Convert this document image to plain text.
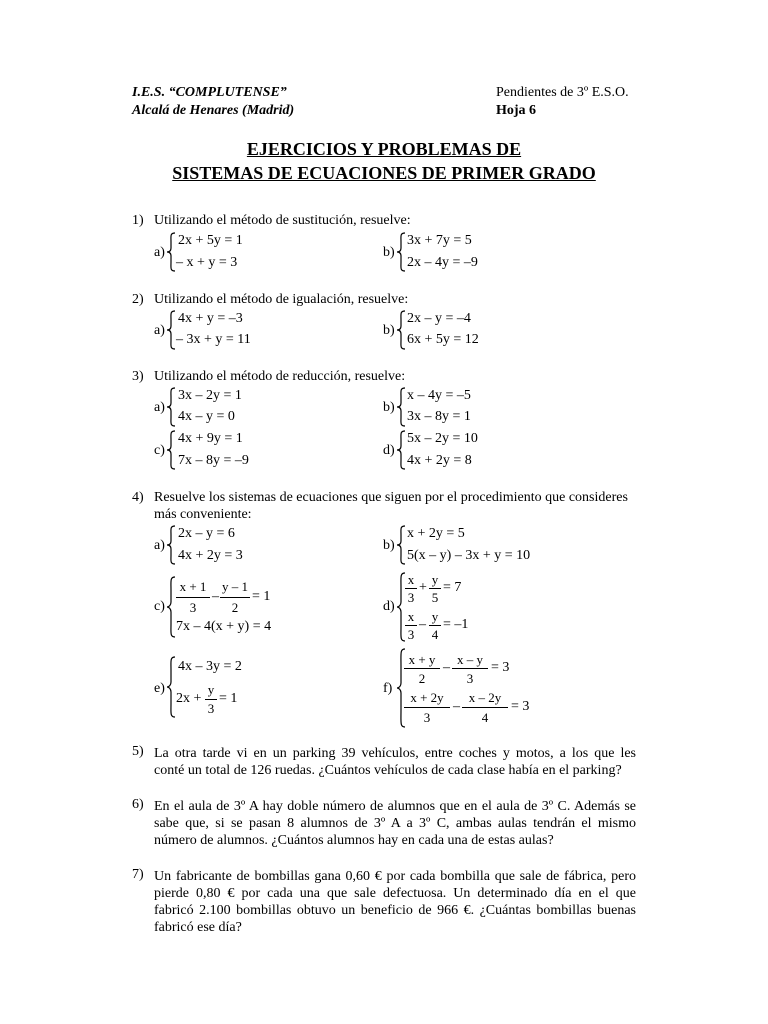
I.E.S. “COMPLUTENSE”
Alcalá de Henares (Madrid)
Pendientes de 3º E.S.O.
Hoja 6
EJERCICIOS Y PROBLEMAS DE
SISTEMAS DE ECUACIONES DE PRIMER GRADO
1) Utilizando el método de sustitución, resuelve:
a)
2x + 5y = 1
– x + y = 3
b)
3x + 7y = 5
2x – 4y = –9
2) Utilizando el método de igualación, resuelve:
a)
4x + y = –3
– 3x + y = 11
b)
2x – y = –4
6x + 5y = 12
3) Utilizando el método de reducción, resuelve:
a)
3x – 2y = 1
4x – y = 0
b)
x – 4y = –5
3x – 8y = 1
c)
4x + 9y = 1
7x – 8y = –9
d)
5x – 2y = 10
4x + 2y = 8
4) Resuelve los sistemas de ecuaciones que siguen por el procedimiento que consideres
más conveniente:
a)
2x – y = 6
4x + 2y = 3
b)
x + 2y = 5
5(x – y) – 3x + y = 10
c)
x + 1
3
–
y – 1
2
= 1
7x – 4(x + y) = 4
d)
x
3
+
y
5
= 7
x
3
–
y
4
= –1
e)
4x – 3y = 2
2x +
y
3
= 1
f)
x + y
2
–
x – y
3
= 3
x + 2y
3
–
x – 2y
4
= 3
5) La otra tarde vi en un parking 39 vehículos, entre coches y motos, a los que les
conté un total de 126 ruedas. ¿Cuántos vehículos de cada clase había en el parking?
6) En el aula de 3º A hay doble número de alumnos que en el aula de 3º C. Además se
sabe que, si se pasan 8 alumnos de 3º A a 3º C, ambas aulas tendrán el mismo
número de alumnos. ¿Cuántos alumnos hay en cada una de estas aulas?
7) Un fabricante de bombillas gana 0,60 € por cada bombilla que sale de fábrica, pero
pierde 0,80 € por cada una que sale defectuosa. Un determinado día en el que
fabricó 2.100 bombillas obtuvo un beneficio de 966 €. ¿Cuántas bombillas buenas
fabricó ese día?
